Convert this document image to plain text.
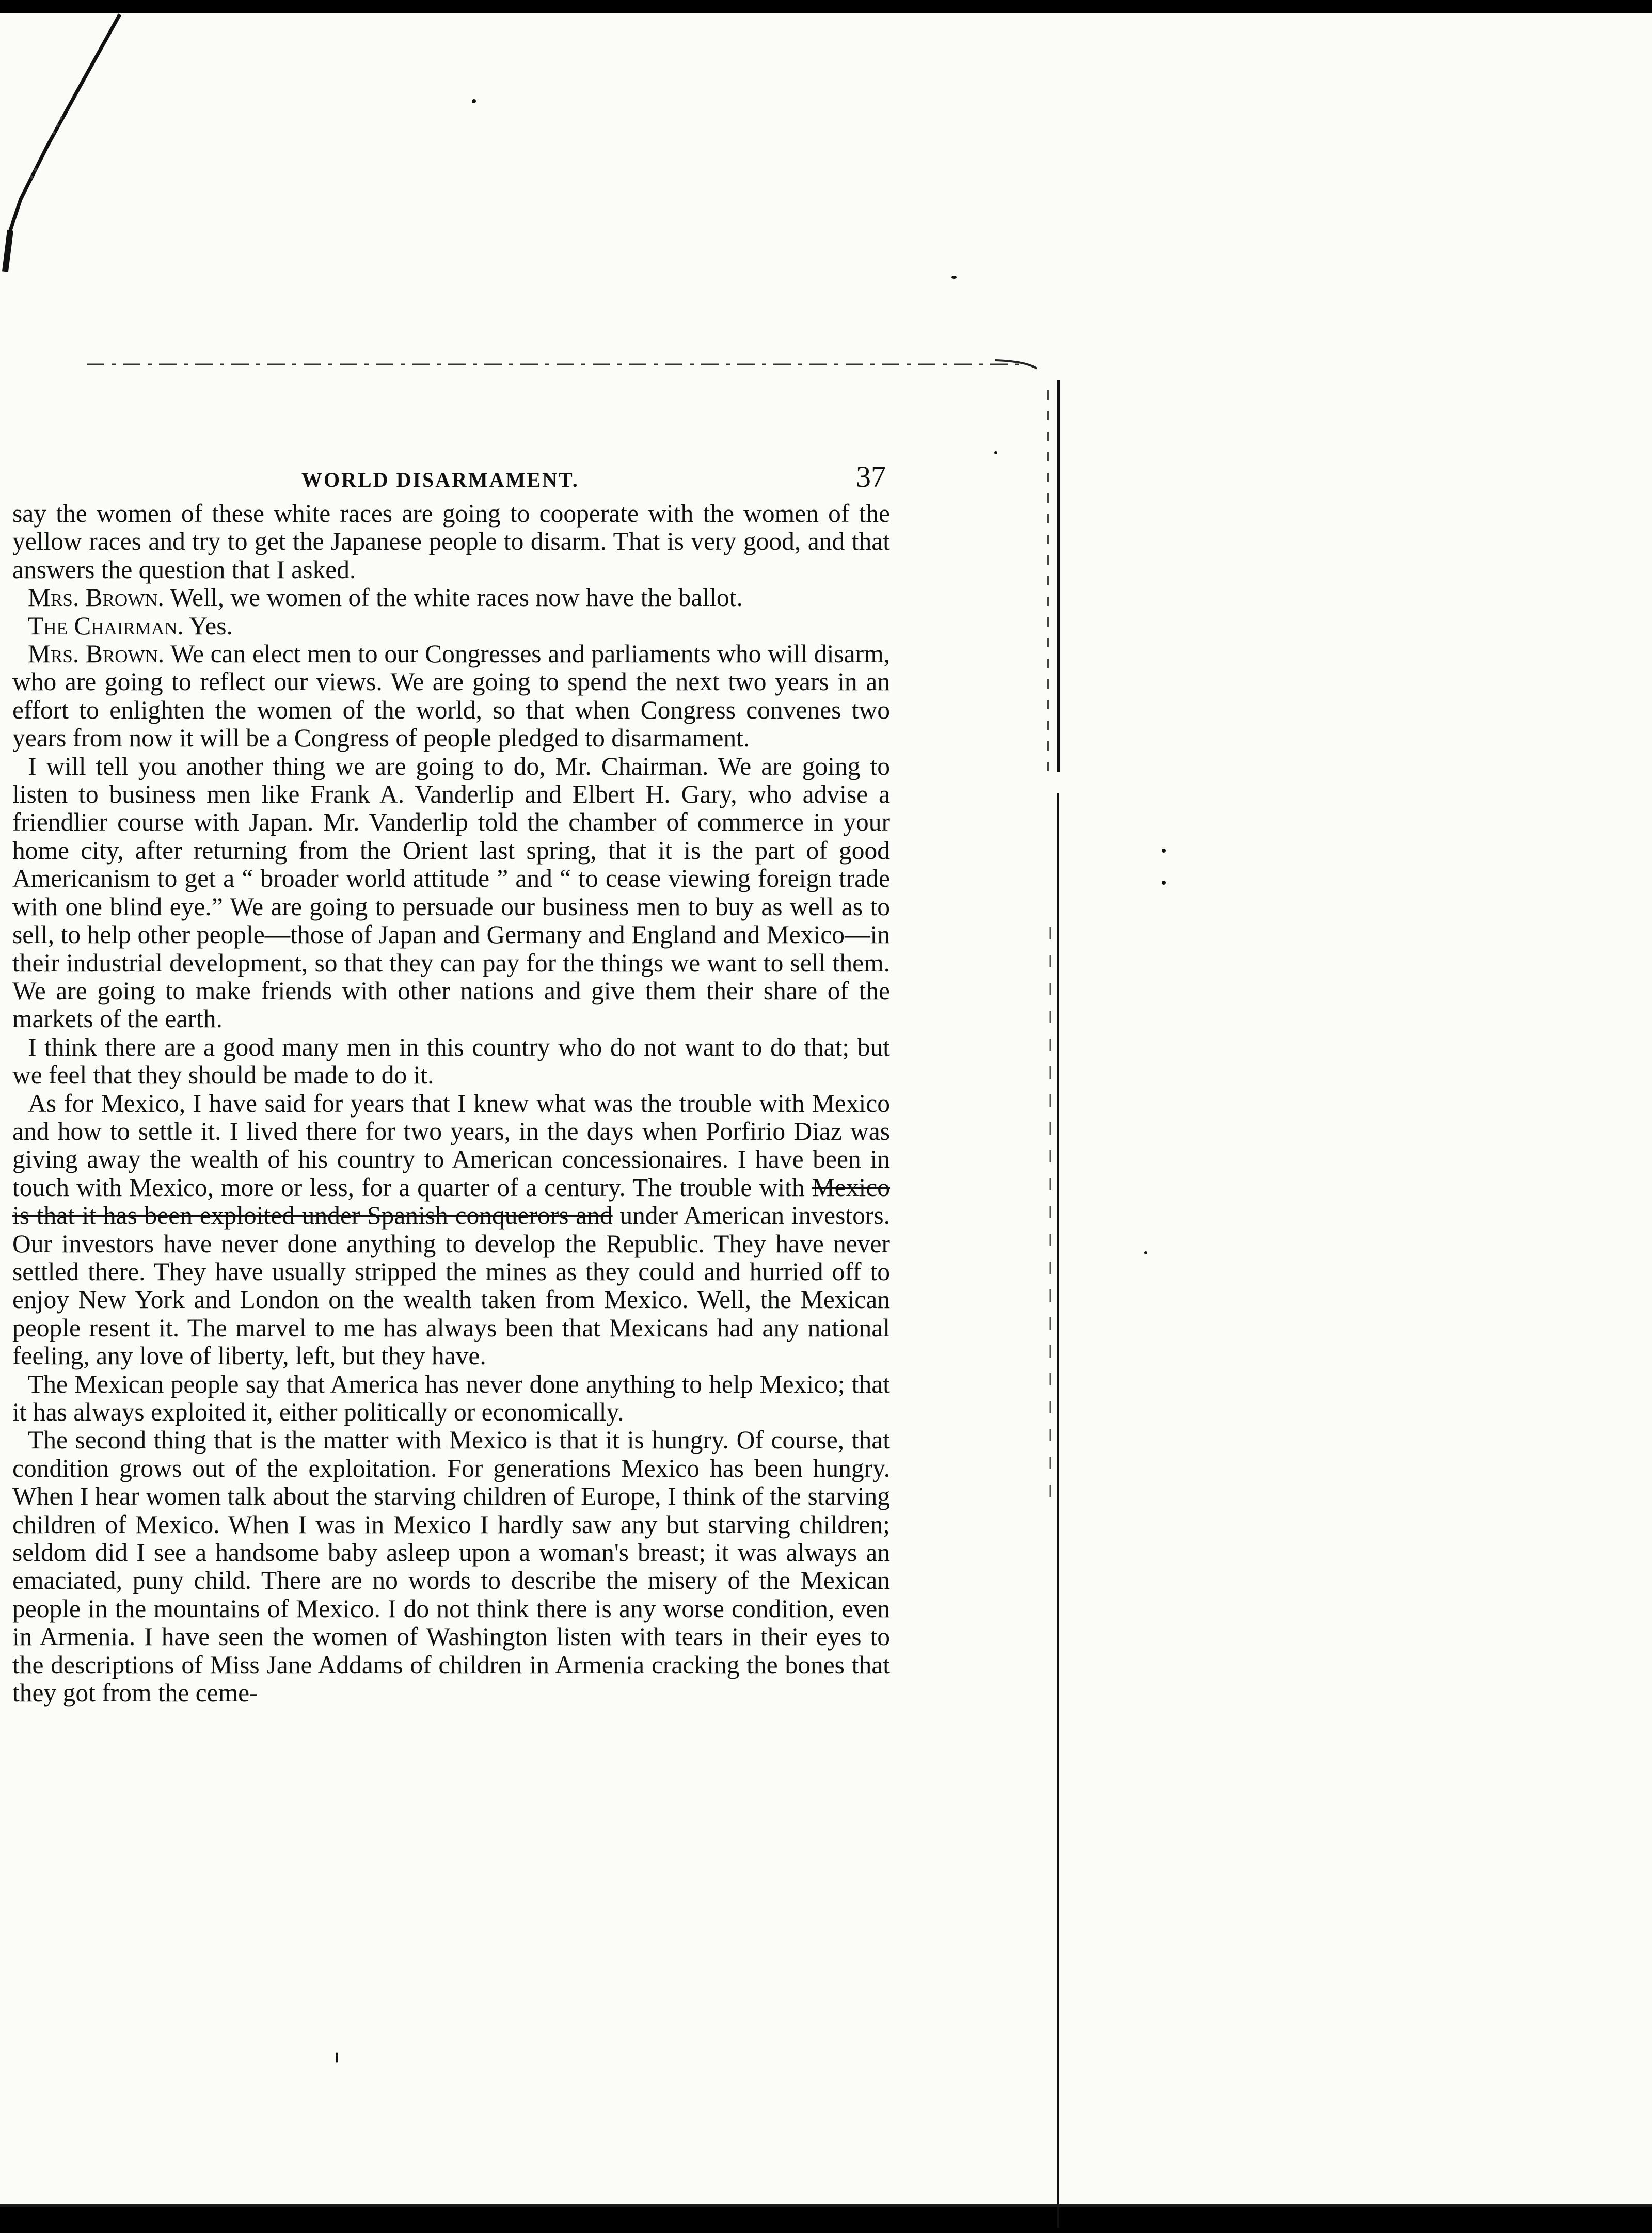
WORLD DISARMAMENT.	37

say the women of these white races are going to cooperate with the women of the yellow races and try to get the Japanese people to disarm. That is very good, and that answers the question that I asked.

Mrs. Brown. Well, we women of the white races now have the ballot.

The Chairman. Yes.

Mrs. Brown. We can elect men to our Congresses and parliaments who will disarm, who are going to reflect our views. We are going to spend the next two years in an effort to enlighten the women of the world, so that when Congress convenes two years from now it will be a Congress of people pledged to disarmament.

I will tell you another thing we are going to do, Mr. Chairman. We are going to listen to business men like Frank A. Vanderlip and Elbert H. Gary, who advise a friendlier course with Japan. Mr. Vanderlip told the chamber of commerce in your home city, after returning from the Orient last spring, that it is the part of good Americanism to get a “ broader world attitude ” and “ to cease viewing foreign trade with one blind eye.” We are going to persuade our business men to buy as well as to sell, to help other people—those of Japan and Germany and England and Mexico—in their industrial development, so that they can pay for the things we want to sell them. We are going to make friends with other nations and give them their share of the markets of the earth.

I think there are a good many men in this country who do not want to do that; but we feel that they should be made to do it.

As for Mexico, I have said for years that I knew what was the trouble with Mexico and how to settle it. I lived there for two years, in the days when Porfirio Diaz was giving away the wealth of his country to American concessionaires. I have been in touch with Mexico, more or less, for a quarter of a century. The trouble with Mexico is that it has been exploited under Spanish conquerors and under American investors. Our investors have never done anything to develop the Republic. They have never settled there. They have usually stripped the mines as they could and hurried off to enjoy New York and London on the wealth taken from Mexico. Well, the Mexican people resent it. The marvel to me has always been that Mexicans had any national feeling, any love of liberty, left, but they have.

The Mexican people say that America has never done anything to help Mexico; that it has always exploited it, either politically or economically.

The second thing that is the matter with Mexico is that it is hungry. Of course, that condition grows out of the exploitation. For generations Mexico has been hungry. When I hear women talk about the starving children of Europe, I think of the starving children of Mexico. When I was in Mexico I hardly saw any but starving children; seldom did I see a handsome baby asleep upon a woman's breast; it was always an emaciated, puny child. There are no words to describe the misery of the Mexican people in the mountains of Mexico. I do not think there is any worse condition, even in Armenia. I have seen the women of Washington listen with tears in their eyes to the descriptions of Miss Jane Addams of children in Armenia cracking the bones that they got from the ceme-
